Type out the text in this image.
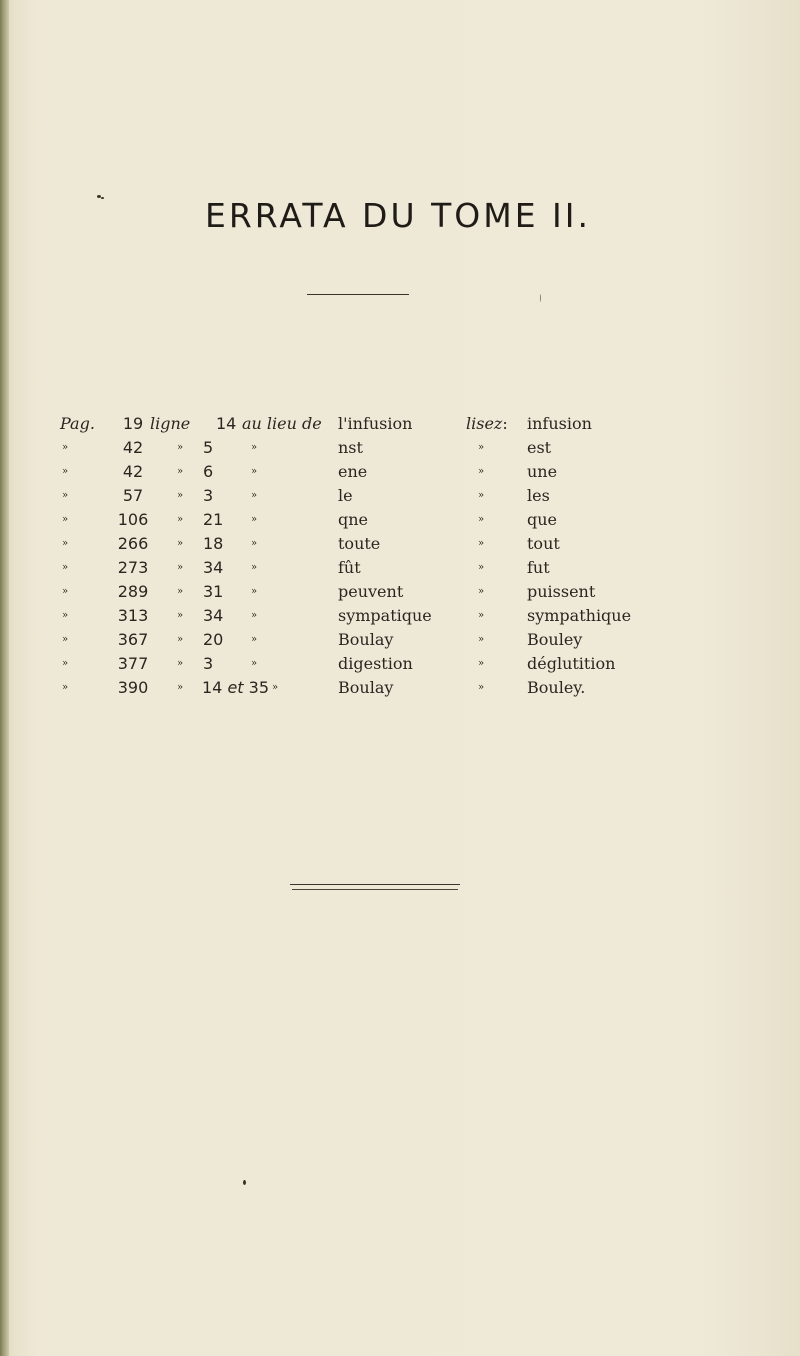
ERRATA DU TOME II.
Pag.	19 ligne 14 au lieu de l'infusion	lisez: infusion
»	42	» 5	»	nst	»	est
»	42	» 6	»	ene	»	une
»	57	» 3	»	le	»	les
»	106	» 21	»	qne	»	que
»	266	» 18	»	toute	»	tout
»	273	» 34	»	fût	»	fut
»	289	» 31	»	peuvent	»	puissent
»	313	» 34	»	sympatique	»	sympathique
»	367	» 20	»	Boulay	»	Bouley
»	377	» 3	»	digestion	»	déglutition
»	390	» 14 et 35 »	Boulay	»	Bouley.
